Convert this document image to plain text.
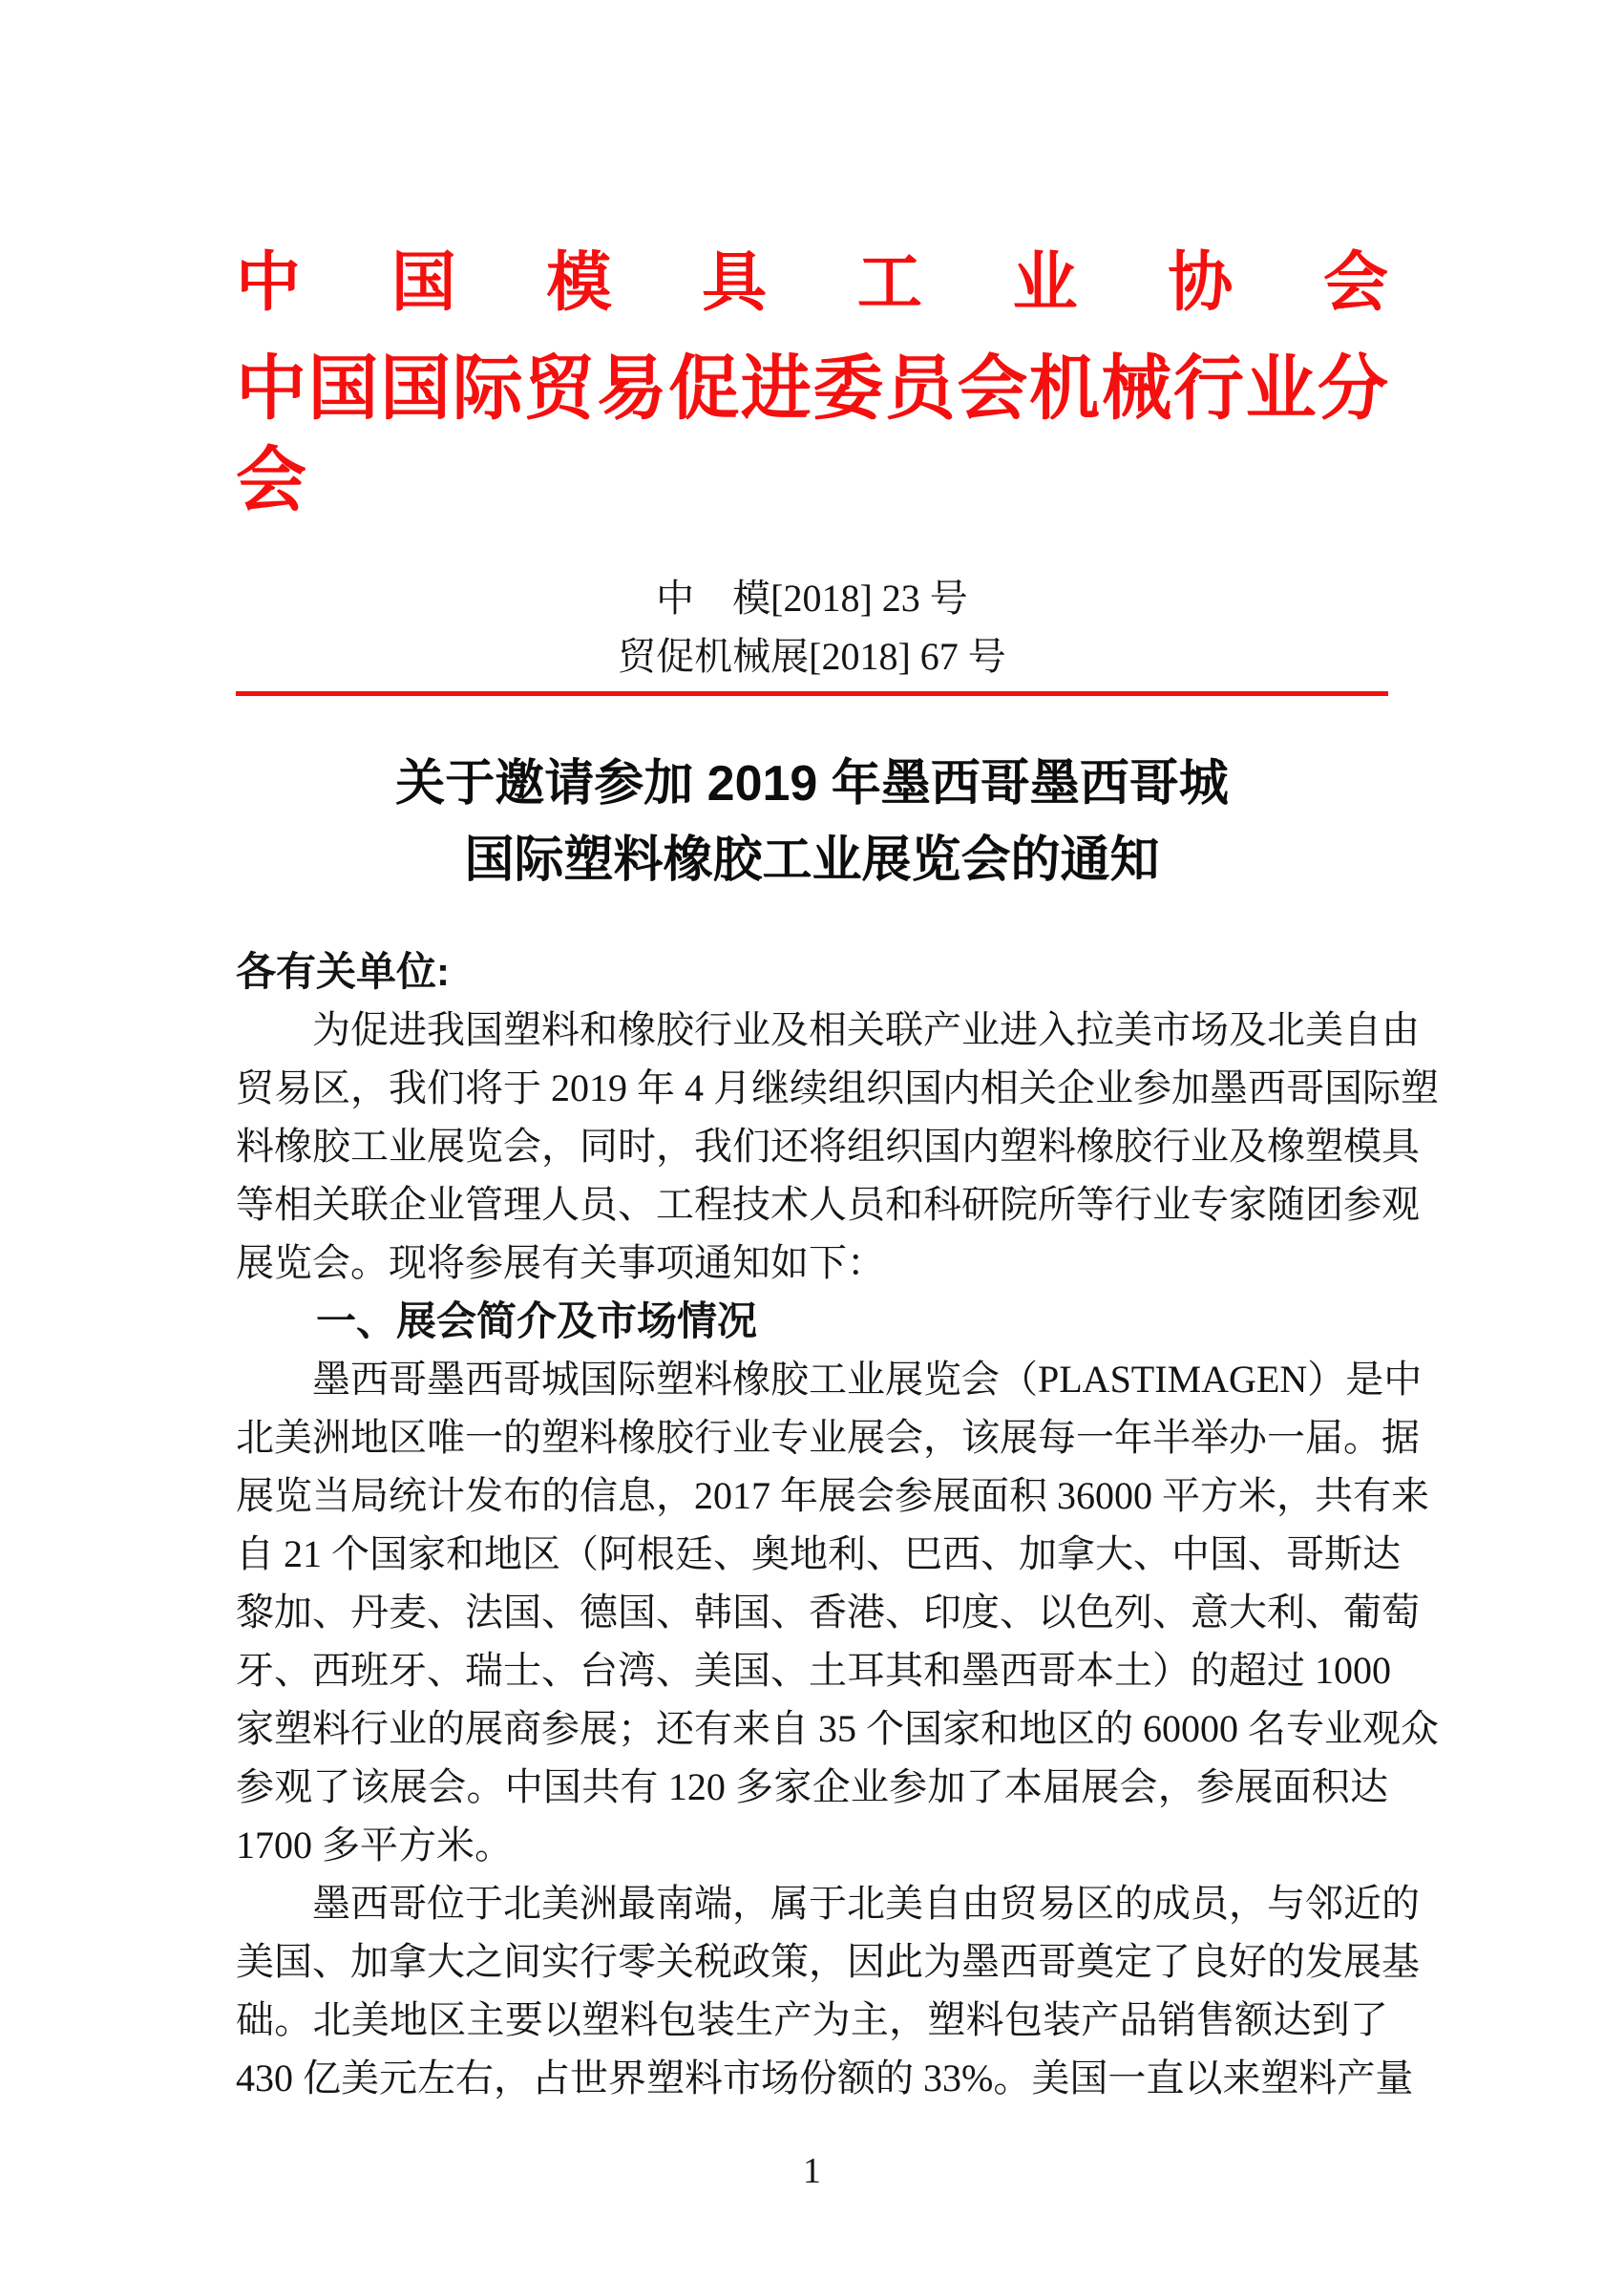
中国模具工业协会
中国国际贸易促进委员会机械行业分会
中　模[2018] 23 号
贸促机械展[2018] 67 号
关于邀请参加 2019 年墨西哥墨西哥城
国际塑料橡胶工业展览会的通知
各有关单位:
为促进我国塑料和橡胶行业及相关联产业进入拉美市场及北美自由
贸易区，我们将于 2019 年 4 月继续组织国内相关企业参加墨西哥国际塑
料橡胶工业展览会，同时，我们还将组织国内塑料橡胶行业及橡塑模具
等相关联企业管理人员、工程技术人员和科研院所等行业专家随团参观
展览会。现将参展有关事项通知如下：
一、展会简介及市场情况
墨西哥墨西哥城国际塑料橡胶工业展览会（PLASTIMAGEN）是中
北美洲地区唯一的塑料橡胶行业专业展会，该展每一年半举办一届。据
展览当局统计发布的信息，2017 年展会参展面积 36000 平方米，共有来
自 21 个国家和地区（阿根廷、奥地利、巴西、加拿大、中国、哥斯达
黎加、丹麦、法国、德国、韩国、香港、印度、以色列、意大利、葡萄
牙、西班牙、瑞士、台湾、美国、土耳其和墨西哥本土）的超过 1000
家塑料行业的展商参展；还有来自 35 个国家和地区的 60000 名专业观众
参观了该展会。中国共有 120 多家企业参加了本届展会，参展面积达
1700 多平方米。
墨西哥位于北美洲最南端，属于北美自由贸易区的成员，与邻近的
美国、加拿大之间实行零关税政策，因此为墨西哥奠定了良好的发展基
础。北美地区主要以塑料包装生产为主，塑料包装产品销售额达到了
430 亿美元左右，占世界塑料市场份额的 33%。美国一直以来塑料产量
1
